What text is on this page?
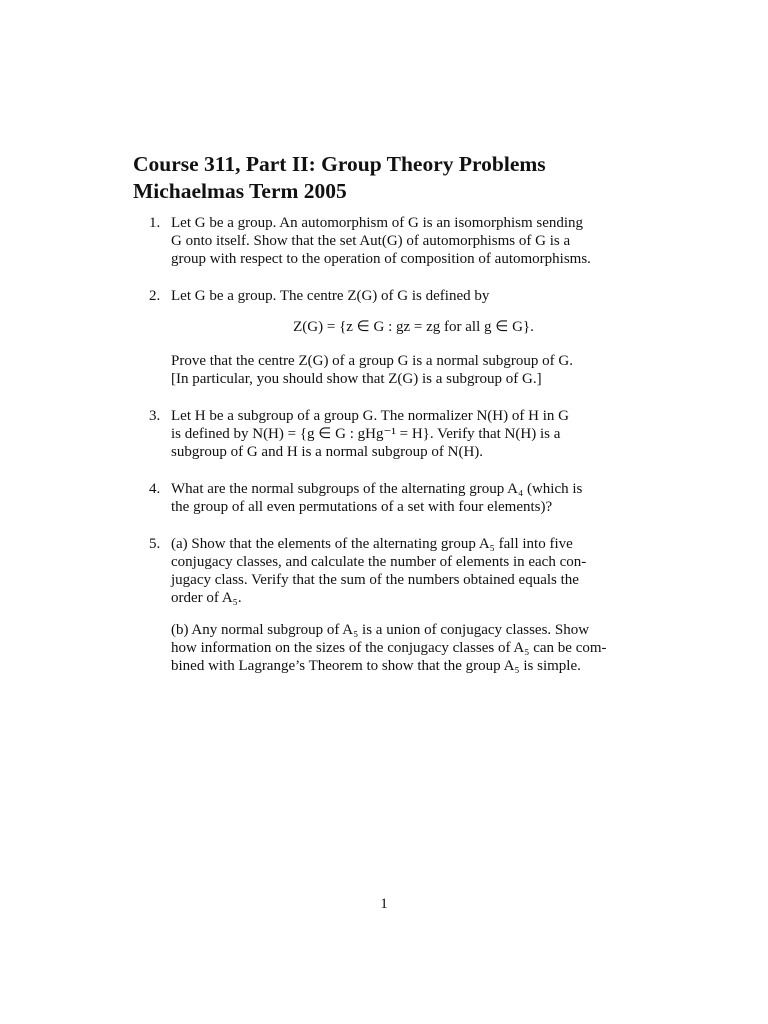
Course 311, Part II: Group Theory Problems
Michaelmas Term 2005
1. Let G be a group. An automorphism of G is an isomorphism sending
G onto itself. Show that the set Aut(G) of automorphisms of G is a
group with respect to the operation of composition of automorphisms.
2. Let G be a group. The centre Z(G) of G is defined by
Z(G) = {z ∈ G : gz = zg for all g ∈ G}.
Prove that the centre Z(G) of a group G is a normal subgroup of G.
[In particular, you should show that Z(G) is a subgroup of G.]
3. Let H be a subgroup of a group G. The normalizer N(H) of H in G
is defined by N(H) = {g ∈ G : gHg⁻¹ = H}. Verify that N(H) is a
subgroup of G and H is a normal subgroup of N(H).
4. What are the normal subgroups of the alternating group A₄ (which is
the group of all even permutations of a set with four elements)?
5. (a) Show that the elements of the alternating group A₅ fall into five
conjugacy classes, and calculate the number of elements in each con-
jugacy class. Verify that the sum of the numbers obtained equals the
order of A₅.
(b) Any normal subgroup of A₅ is a union of conjugacy classes. Show
how information on the sizes of the conjugacy classes of A₅ can be com-
bined with Lagrange’s Theorem to show that the group A₅ is simple.
1
